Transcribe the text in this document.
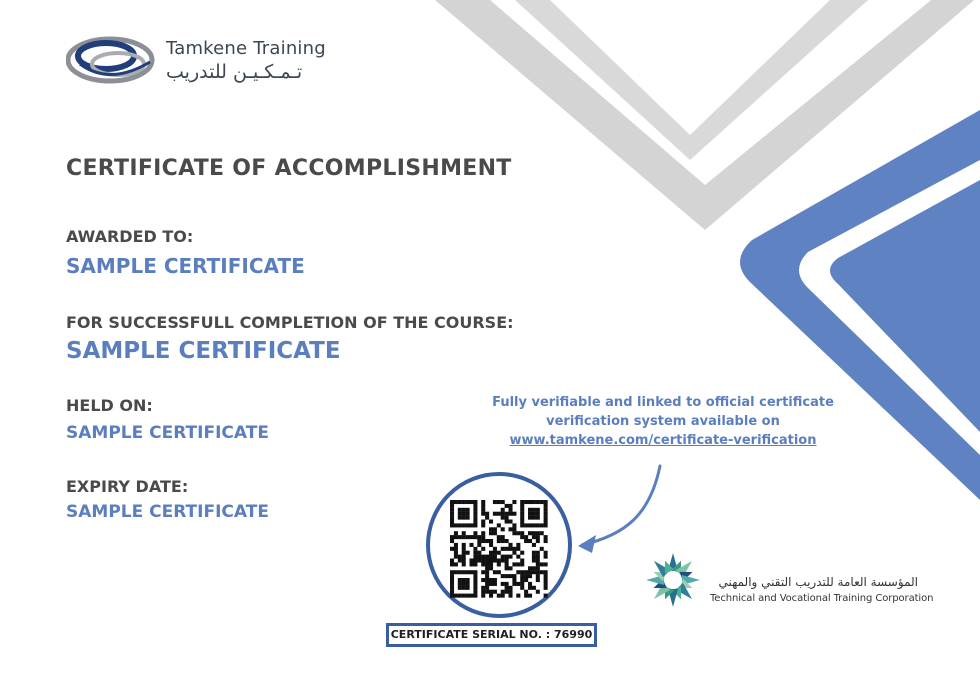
Tamkene Training
تـمـكـيـن للتدريب
CERTIFICATE OF ACCOMPLISHMENT
AWARDED TO:
SAMPLE CERTIFICATE
FOR SUCCESSFULL COMPLETION OF THE COURSE:
SAMPLE CERTIFICATE
HELD ON:
SAMPLE CERTIFICATE
EXPIRY DATE:
SAMPLE CERTIFICATE
Fully verifiable and linked to official certificate
verification system available on
www.tamkene.com/certificate-verification
CERTIFICATE SERIAL NO. : 76990
المؤسسة العامة للتدريب التقني والمهني
Technical and Vocational Training Corporation
